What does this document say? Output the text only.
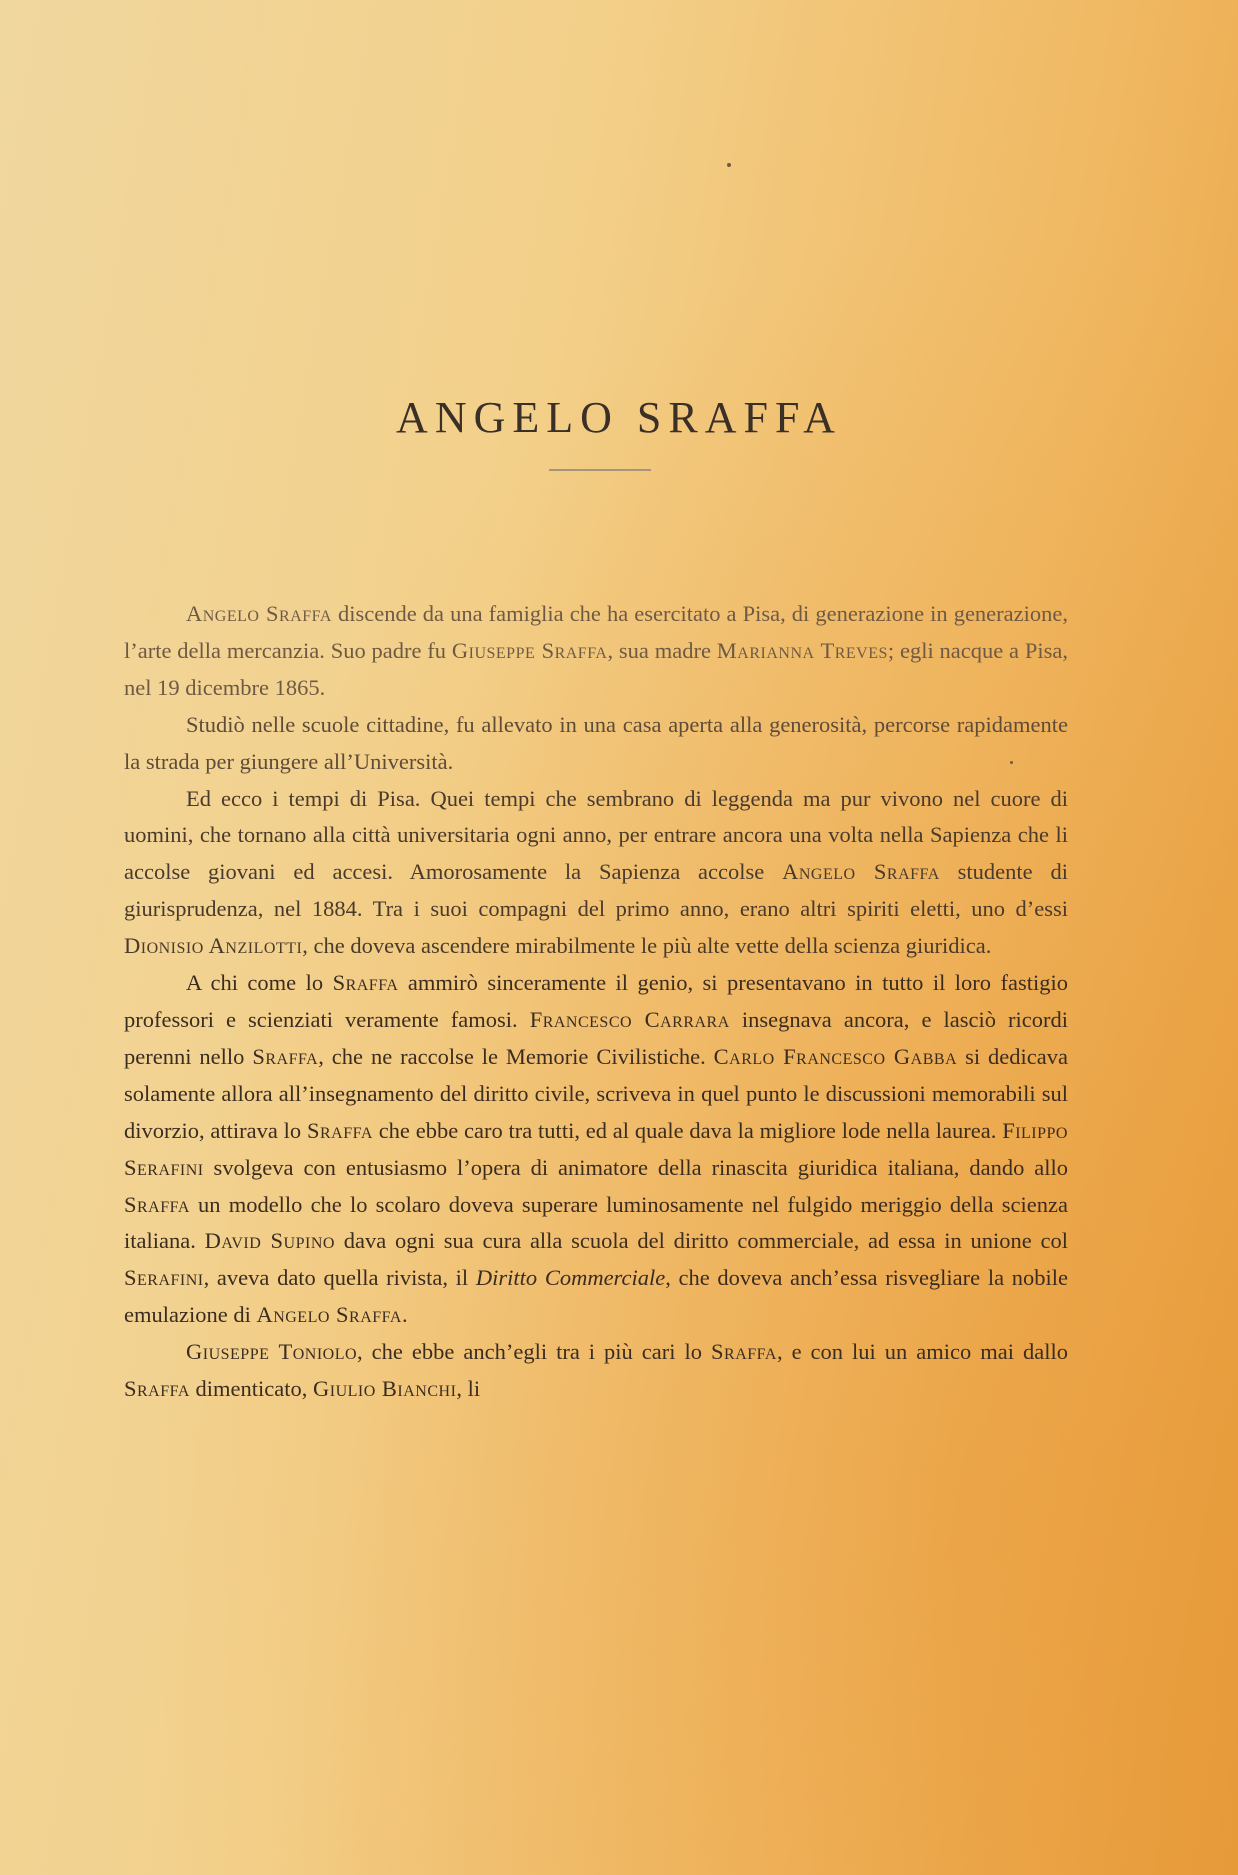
ANGELO SRAFFA

Angelo Sraffa discende da una famiglia che ha esercitato a Pisa, di generazione in generazione, l’arte della mercanzia. Suo padre fu Giuseppe Sraffa, sua madre Marianna Treves; egli nacque a Pisa, nel 19 dicembre 1865.

Studiò nelle scuole cittadine, fu allevato in una casa aperta alla generosità, percorse rapidamente la strada per giungere all’Università.

Ed ecco i tempi di Pisa. Quei tempi che sembrano di leggenda ma pur vivono nel cuore di uomini, che tornano alla città universitaria ogni anno, per entrare ancora una volta nella Sapienza che li accolse giovani ed accesi. Amorosamente la Sapienza accolse Angelo Sraffa studente di giurisprudenza, nel 1884. Tra i suoi compagni del primo anno, erano altri spiriti eletti, uno d’essi Dionisio Anzilotti, che doveva ascendere mirabilmente le più alte vette della scienza giuridica.

A chi come lo Sraffa ammirò sinceramente il genio, si presentavano in tutto il loro fastigio professori e scienziati veramente famosi. Francesco Carrara insegnava ancora, e lasciò ricordi perenni nello Sraffa, che ne raccolse le Memorie Civilistiche. Carlo Francesco Gabba si dedicava solamente allora all’insegnamento del diritto civile, scriveva in quel punto le discussioni memorabili sul divorzio, attirava lo Sraffa che ebbe caro tra tutti, ed al quale dava la migliore lode nella laurea. Filippo Serafini svolgeva con entusiasmo l’opera di animatore della rinascita giuridica italiana, dando allo Sraffa un modello che lo scolaro doveva superare luminosamente nel fulgido meriggio della scienza italiana. David Supino dava ogni sua cura alla scuola del diritto commerciale, ad essa in unione col Serafini, aveva dato quella rivista, il Diritto Commerciale, che doveva anch’essa risvegliare la nobile emulazione di Angelo Sraffa.

Giuseppe Toniolo, che ebbe anch’egli tra i più cari lo Sraffa, e con lui un amico mai dallo Sraffa dimenticato, Giulio Bianchi, li
